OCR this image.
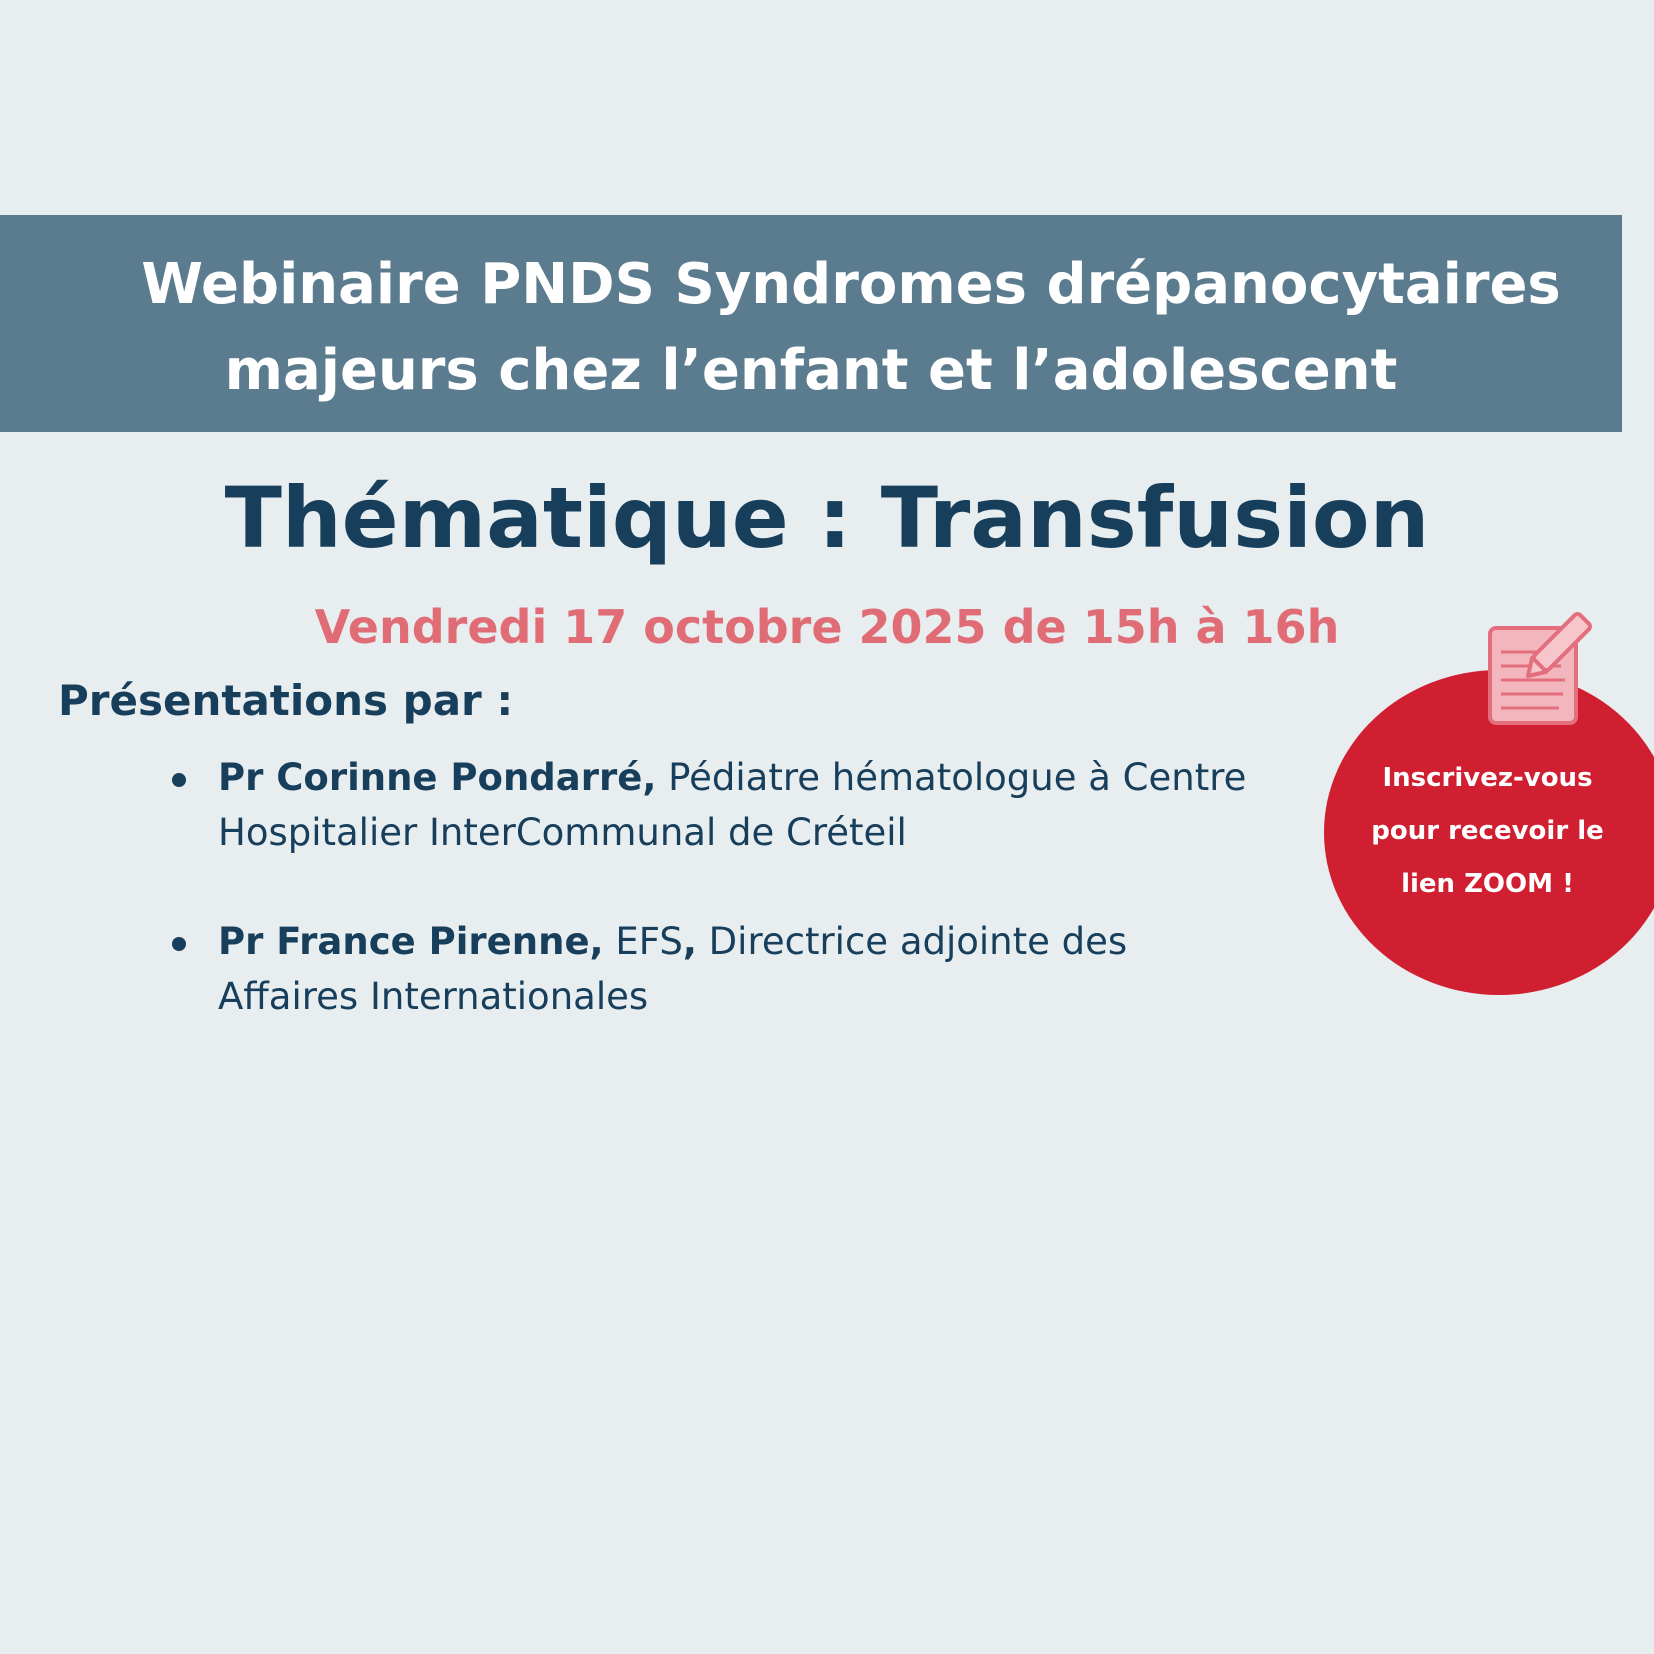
Webinaire PNDS Syndromes drépanocytaires
majeurs chez l’enfant et l’adolescent
Thématique : Transfusion
Vendredi 17 octobre 2025 de 15h à 16h
Présentations par :
Pr Corinne Pondarré, Pédiatre hématologue à Centre
Hospitalier InterCommunal de Créteil
Pr France Pirenne, EFS, Directrice adjointe des
Affaires Internationales
Inscrivez-vous
pour recevoir le
lien ZOOM !
